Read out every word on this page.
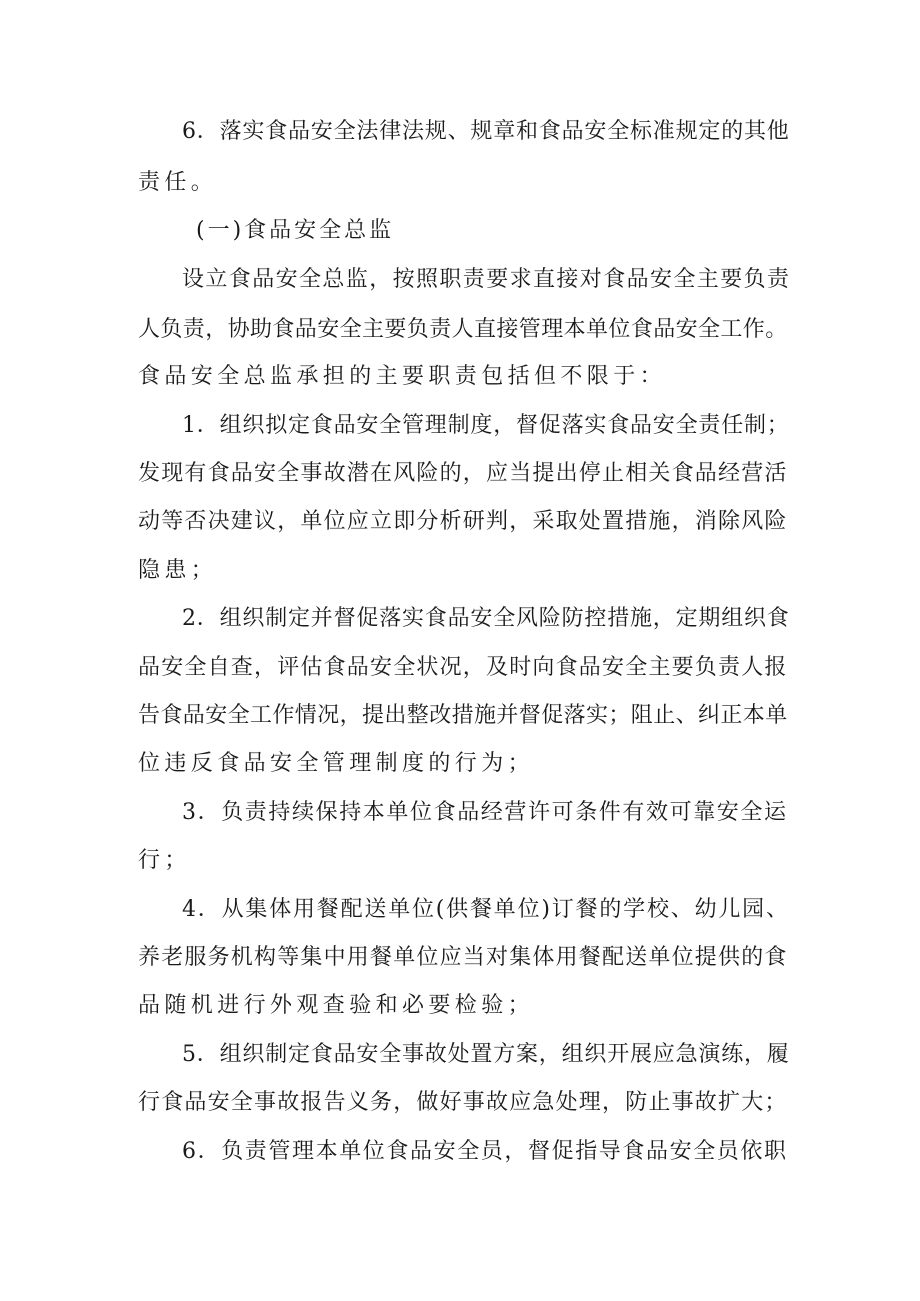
6．落实食品安全法律法规、规章和食品安全标准规定的其他
责任。
(一)食品安全总监
设立食品安全总监，按照职责要求直接对食品安全主要负责
人负责，协助食品安全主要负责人直接管理本单位食品安全工作。
食品安全总监承担的主要职责包括但不限于：
1．组织拟定食品安全管理制度，督促落实食品安全责任制；
发现有食品安全事故潜在风险的，应当提出停止相关食品经营活
动等否决建议，单位应立即分析研判，采取处置措施，消除风险
隐患；
2．组织制定并督促落实食品安全风险防控措施，定期组织食
品安全自查，评估食品安全状况，及时向食品安全主要负责人报
告食品安全工作情况，提出整改措施并督促落实；阻止、纠正本单
位违反食品安全管理制度的行为；
3．负责持续保持本单位食品经营许可条件有效可靠安全运
行；
4．从集体用餐配送单位(供餐单位)订餐的学校、幼儿园、
养老服务机构等集中用餐单位应当对集体用餐配送单位提供的食
品随机进行外观查验和必要检验；
5．组织制定食品安全事故处置方案，组织开展应急演练，履
行食品安全事故报告义务，做好事故应急处理，防止事故扩大；
6．负责管理本单位食品安全员，督促指导食品安全员依职
